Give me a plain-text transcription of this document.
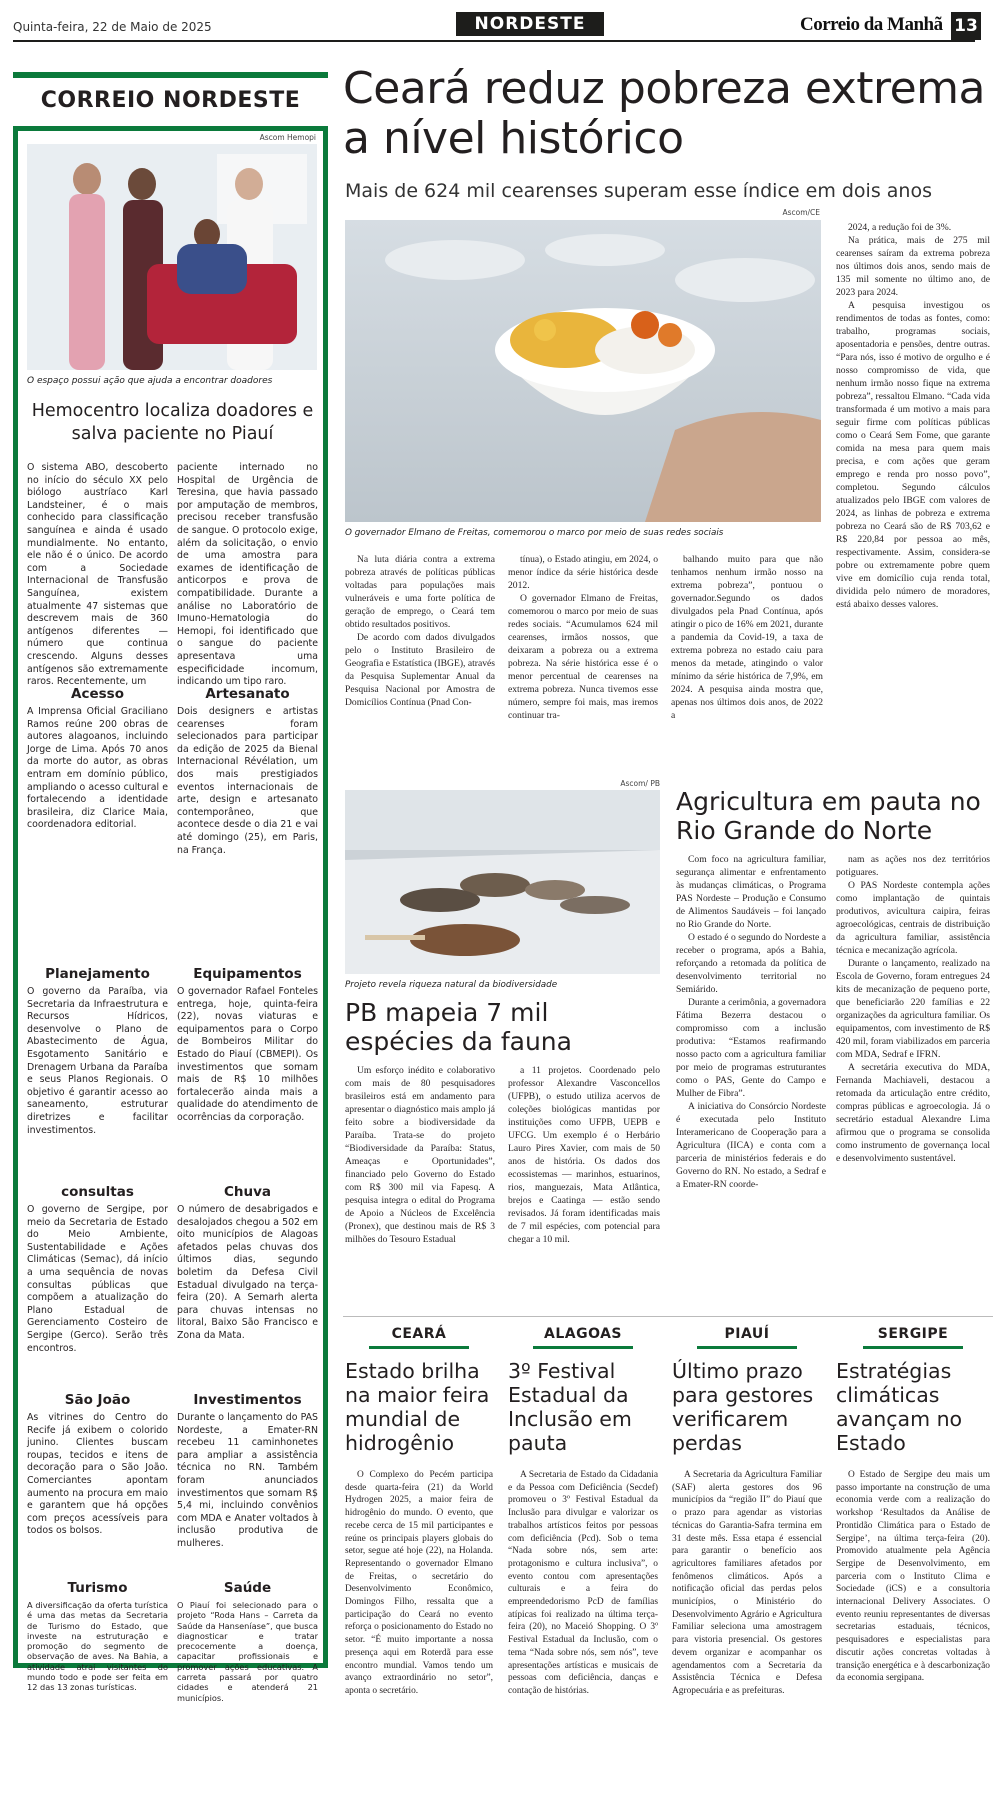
Quinta-feira, 22 de Maio de 2025	NORDESTE	Correio da Manhã 13
CORREIO NORDESTE
Ascom Hemopi
O espaço possui ação que ajuda a encontrar doadores
Hemocentro localiza doadores e salva paciente no Piauí
O sistema ABO, descoberto no início do século XX pelo biólogo austríaco Karl Landsteiner, é o mais conhecido para classificação sanguínea e ainda é usado mundialmente. No entanto, ele não é o único. De acordo com a Sociedade Internacional de Transfusão Sanguínea, existem atualmente 47 sistemas que descrevem mais de 360 antígenos diferentes — número que continua crescendo. Alguns desses antígenos são extremamente raros. Recentemente, um
paciente internado no Hospital de Urgência de Teresina, que havia passado por amputação de membros, precisou receber transfusão de sangue. O protocolo exige, além da solicitação, o envio de uma amostra para exames de identificação de anticorpos e prova de compatibilidade. Durante a análise no Laboratório de Imuno-Hematologia do Hemopi, foi identificado que o sangue do paciente apresentava uma especificidade incomum, indicando um tipo raro.
Acesso
A Imprensa Oficial Graciliano Ramos reúne 200 obras de autores alagoanos, incluindo Jorge de Lima. Após 70 anos da morte do autor, as obras entram em domínio público, ampliando o acesso cultural e fortalecendo a identidade brasileira, diz Clarice Maia, coordenadora editorial.
Artesanato
Dois designers e artistas cearenses foram selecionados para participar da edição de 2025 da Bienal Internacional Révélation, um dos mais prestigiados eventos internacionais de arte, design e artesanato contemporâneo, que acontece desde o dia 21 e vai até domingo (25), em Paris, na França.
Planejamento
O governo da Paraíba, via Secretaria da Infraestrutura e Recursos Hídricos, desenvolve o Plano de Abastecimento de Água, Esgotamento Sanitário e Drenagem Urbana da Paraíba e seus Planos Regionais. O objetivo é garantir acesso ao saneamento, estruturar diretrizes e facilitar investimentos.
Equipamentos
O governador Rafael Fonteles entrega, hoje, quinta-feira (22), novas viaturas e equipamentos para o Corpo de Bombeiros Militar do Estado do Piauí (CBMEPI). Os investimentos que somam mais de R$ 10 milhões fortalecerão ainda mais a qualidade do atendimento de ocorrências da corporação.
consultas
O governo de Sergipe, por meio da Secretaria de Estado do Meio Ambiente, Sustentabilidade e Ações Climáticas (Semac), dá início a uma sequência de novas consultas públicas que compõem a atualização do Plano Estadual de Gerenciamento Costeiro de Sergipe (Gerco). Serão três encontros.
Chuva
O número de desabrigados e desalojados chegou a 502 em oito municípios de Alagoas afetados pelas chuvas dos últimos dias, segundo boletim da Defesa Civil Estadual divulgado na terça-feira (20). A Semarh alerta para chuvas intensas no litoral, Baixo São Francisco e Zona da Mata.
São João
As vitrines do Centro do Recife já exibem o colorido junino. Clientes buscam roupas, tecidos e itens de decoração para o São João. Comerciantes apontam aumento na procura em maio e garantem que há opções com preços acessíveis para todos os bolsos.
Investimentos
Durante o lançamento do PAS Nordeste, a Emater-RN recebeu 11 caminhonetes para ampliar a assistência técnica no RN. Também foram anunciados investimentos que somam R$ 5,4 mi, incluindo convênios com MDA e Anater voltados à inclusão produtiva de mulheres.
Turismo
A diversificação da oferta turística é uma das metas da Secretaria de Turismo do Estado, que investe na estruturação e promoção do segmento de observação de aves. Na Bahia, a atividade atrai visitantes do mundo todo e pode ser feita em 12 das 13 zonas turísticas.
Saúde
O Piauí foi selecionado para o projeto “Roda Hans – Carreta da Saúde da Hanseníase”, que busca diagnosticar e tratar precocemente a doença, capacitar profissionais e promover ações educativas. A carreta passará por quatro cidades e atenderá 21 municípios.
Ceará reduz pobreza extrema a nível histórico
Mais de 624 mil cearenses superam esse índice em dois anos
Ascom/CE
O governador Elmano de Freitas, comemorou o marco por meio de suas redes sociais

2024, a redução foi de 3%.

Na prática, mais de 275 mil cearenses saíram da extrema pobreza nos últimos dois anos, sendo mais de 135 mil somente no último ano, de 2023 para 2024.

A pesquisa investigou os rendimentos de todas as fontes, como: trabalho, programas sociais, aposentadoria e pensões, dentre outras. “Para nós, isso é motivo de orgulho e é nosso compromisso de vida, que nenhum irmão nosso fique na extrema pobreza”, ressaltou Elmano. “Cada vida transformada é um motivo a mais para seguir firme com políticas públicas como o Ceará Sem Fome, que garante comida na mesa para quem mais precisa, e com ações que geram emprego e renda pro nosso povo”, completou. Segundo cálculos atualizados pelo IBGE com valores de 2024, as linhas de pobreza e extrema pobreza no Ceará são de R$ 703,62 e R$ 220,84 por pessoa ao mês, respectivamente. Assim, considera-se pobre ou extremamente pobre quem vive em domicílio cuja renda total, dividida pelo número de moradores, está abaixo desses valores.

Na luta diária contra a extrema pobreza através de políticas públicas voltadas para populações mais vulneráveis e uma forte política de geração de emprego, o Ceará tem obtido resultados positivos.

De acordo com dados divulgados pelo o Instituto Brasileiro de Geografia e Estatística (IBGE), através da Pesquisa Suplementar Anual da Pesquisa Nacional por Amostra de Domicílios Contínua (Pnad Con-

tínua), o Estado atingiu, em 2024, o menor índice da série histórica desde 2012.

O governador Elmano de Freitas, comemorou o marco por meio de suas redes sociais. “Acumulamos 624 mil cearenses, irmãos nossos, que deixaram a pobreza ou a extrema pobreza. Na série histórica esse é o menor percentual de cearenses na extrema pobreza. Nunca tivemos esse número, sempre foi mais, mas iremos continuar tra-

balhando muito para que não tenhamos nenhum irmão nosso na extrema pobreza”, pontuou o governador.Segundo os dados divulgados pela Pnad Contínua, após atingir o pico de 16% em 2021, durante a pandemia da Covid-19, a taxa de extrema pobreza no estado caiu para menos da metade, atingindo o valor mínimo da série histórica de 7,9%, em 2024. A pesquisa ainda mostra que, apenas nos últimos dois anos, de 2022 a

Ascom/ PB
Projeto revela riqueza natural da biodiversidade
PB mapeia 7 mil espécies da fauna

Um esforço inédito e colaborativo com mais de 80 pesquisadores brasileiros está em andamento para apresentar o diagnóstico mais amplo já feito sobre a biodiversidade da Paraíba. Trata-se do projeto “Biodiversidade da Paraíba: Status, Ameaças e Oportunidades”, financiado pelo Governo do Estado com R$ 300 mil via Fapesq. A pesquisa integra o edital do Programa de Apoio a Núcleos de Excelência (Pronex), que destinou mais de R$ 3 milhões do Tesouro Estadual

a 11 projetos. Coordenado pelo professor Alexandre Vasconcellos (UFPB), o estudo utiliza acervos de coleções biológicas mantidas por instituições como UFPB, UEPB e UFCG. Um exemplo é o Herbário Lauro Pires Xavier, com mais de 50 anos de história. Os dados dos ecossistemas — marinhos, estuarinos, rios, manguezais, Mata Atlântica, brejos e Caatinga — estão sendo revisados. Já foram identificadas mais de 7 mil espécies, com potencial para chegar a 10 mil.

Agricultura em pauta no Rio Grande do Norte

Com foco na agricultura familiar, segurança alimentar e enfrentamento às mudanças climáticas, o Programa PAS Nordeste – Produção e Consumo de Alimentos Saudáveis – foi lançado no Rio Grande do Norte.

O estado é o segundo do Nordeste a receber o programa, após a Bahia, reforçando a retomada da política de desenvolvimento territorial no Semiárido.

Durante a cerimônia, a governadora Fátima Bezerra destacou o compromisso com a inclusão produtiva: “Estamos reafirmando nosso pacto com a agricultura familiar por meio de programas estruturantes como o PAS, Gente do Campo e Mulher de Fibra”.

A iniciativa do Consórcio Nordeste é executada pelo Instituto Interamericano de Cooperação para a Agricultura (IICA) e conta com a parceria de ministérios federais e do Governo do RN. No estado, a Sedraf e a Emater-RN coorde-

nam as ações nos dez territórios potiguares.

O PAS Nordeste contempla ações como implantação de quintais produtivos, avicultura caipira, feiras agroecológicas, centrais de distribuição da agricultura familiar, assistência técnica e mecanização agrícola.

Durante o lançamento, realizado na Escola de Governo, foram entregues 24 kits de mecanização de pequeno porte, que beneficiarão 220 famílias e 22 organizações da agricultura familiar. Os equipamentos, com investimento de R$ 420 mil, foram viabilizados em parceria com MDA, Sedraf e IFRN.

A secretária executiva do MDA, Fernanda Machiaveli, destacou a retomada da articulação entre crédito, compras públicas e agroecologia. Já o secretário estadual Alexandre Lima afirmou que o programa se consolida como instrumento de governança local e desenvolvimento sustentável.

CEARÁ
Estado brilha na maior feira mundial de hidrogênio

O Complexo do Pecém participa desde quarta-feira (21) da World Hydrogen 2025, a maior feira de hidrogênio do mundo. O evento, que recebe cerca de 15 mil participantes e reúne os principais players globais do setor, segue até hoje (22), na Holanda. Representando o governador Elmano de Freitas, o secretário do Desenvolvimento Econômico, Domingos Filho, ressalta que a participação do Ceará no evento reforça o posicionamento do Estado no setor. “É muito importante a nossa presença aqui em Roterdã para esse encontro mundial. Vamos tendo um avanço extraordinário no setor”, aponta o secretário.

ALAGOAS
3º Festival Estadual da Inclusão em pauta

A Secretaria de Estado da Cidadania e da Pessoa com Deficiência (Secdef) promoveu o 3º Festival Estadual da Inclusão para divulgar e valorizar os trabalhos artísticos feitos por pessoas com deficiência (Pcd). Sob o tema “Nada sobre nós, sem arte: protagonismo e cultura inclusiva”, o evento contou com apresentações culturais e a feira do empreendedorismo PcD de famílias atípicas foi realizado na última terça-feira (20), no Maceió Shopping. O 3º Festival Estadual da Inclusão, com o tema “Nada sobre nós, sem nós”, teve apresentações artísticas e musicais de pessoas com deficiência, danças e contação de histórias.

PIAUÍ
Último prazo para gestores verificarem perdas

A Secretaria da Agricultura Familiar (SAF) alerta gestores dos 96 municípios da “região II” do Piauí que o prazo para agendar as vistorias técnicas do Garantia-Safra termina em 31 deste mês. Essa etapa é essencial para garantir o benefício aos agricultores familiares afetados por fenômenos climáticos. Após a notificação oficial das perdas pelos municípios, o Ministério do Desenvolvimento Agrário e Agricultura Familiar seleciona uma amostragem para vistoria presencial. Os gestores devem organizar e acompanhar os agendamentos com a Secretaria da Assistência Técnica e Defesa Agropecuária e as prefeituras.

SERGIPE
Estratégias climáticas avançam no Estado

O Estado de Sergipe deu mais um passo importante na construção de uma economia verde com a realização do workshop ‘Resultados da Análise de Prontidão Climática para o Estado de Sergipe’, na última terça-feira (20). Promovido atualmente pela Agência Sergipe de Desenvolvimento, em parceria com o Instituto Clima e Sociedade (iCS) e a consultoria internacional Delivery Associates. O evento reuniu representantes de diversas secretarias estaduais, técnicos, pesquisadores e especialistas para discutir ações concretas voltadas à transição energética e à descarbonização da economia sergipana.
